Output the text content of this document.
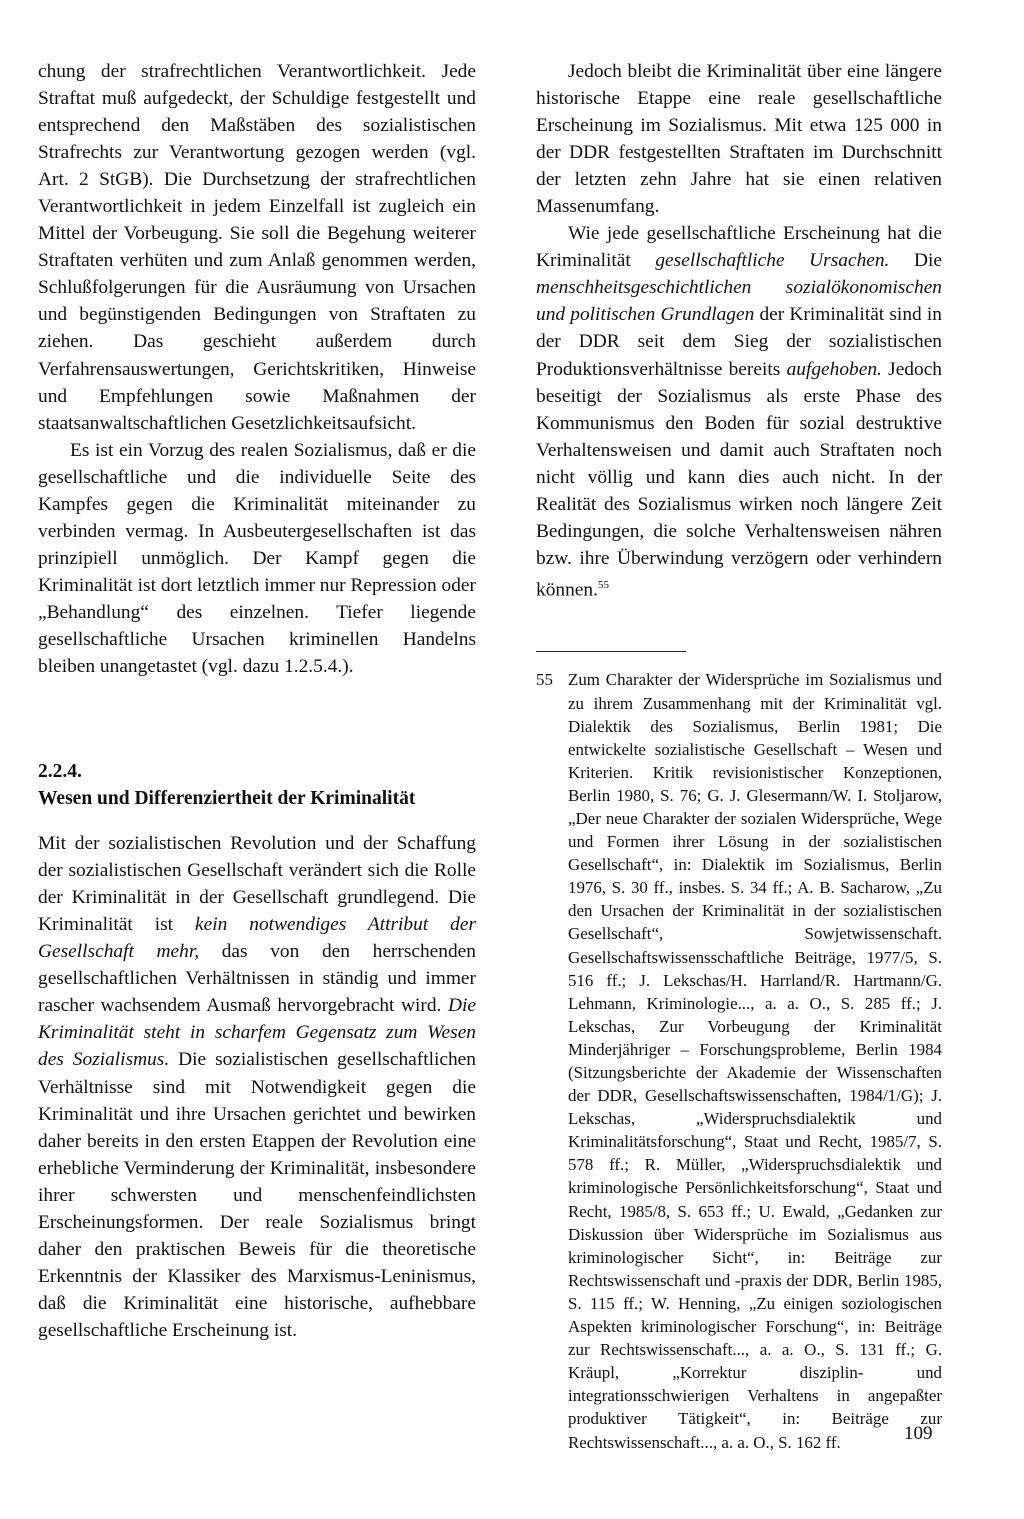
chung der strafrechtlichen Verantwortlichkeit. Jede Straftat muß aufgedeckt, der Schuldige festgestellt und entsprechend den Maßstäben des sozialistischen Strafrechts zur Verantwortung gezogen werden (vgl. Art. 2 StGB). Die Durchsetzung der strafrechtlichen Verantwortlichkeit in jedem Einzelfall ist zugleich ein Mittel der Vorbeugung. Sie soll die Begehung weiterer Straftaten verhüten und zum Anlaß genommen werden, Schlußfolgerungen für die Ausräumung von Ursachen und begünstigenden Bedingungen von Straftaten zu ziehen. Das geschieht außerdem durch Verfahrensauswertungen, Gerichtskritiken, Hinweise und Empfehlungen sowie Maßnahmen der staatsanwaltschaftlichen Gesetzlichkeitsaufsicht.

Es ist ein Vorzug des realen Sozialismus, daß er die gesellschaftliche und die individuelle Seite des Kampfes gegen die Kriminalität miteinander zu verbinden vermag. In Ausbeutergesellschaften ist das prinzipiell unmöglich. Der Kampf gegen die Kriminalität ist dort letztlich immer nur Repression oder „Behandlung“ des einzelnen. Tiefer liegende gesellschaftliche Ursachen kriminellen Handelns bleiben unangetastet (vgl. dazu 1.2.5.4.).

2.2.4.

Wesen und Differenziertheit der Kriminalität

Mit der sozialistischen Revolution und der Schaffung der sozialistischen Gesellschaft verändert sich die Rolle der Kriminalität in der Gesellschaft grundlegend. Die Kriminalität ist kein notwendiges Attribut der Gesellschaft mehr, das von den herrschenden gesellschaftlichen Verhältnissen in ständig und immer rascher wachsendem Ausmaß hervorgebracht wird. Die Kriminalität steht in scharfem Gegensatz zum Wesen des Sozialismus. Die sozialistischen gesellschaftlichen Verhältnisse sind mit Notwendigkeit gegen die Kriminalität und ihre Ursachen gerichtet und bewirken daher bereits in den ersten Etappen der Revolution eine erhebliche Verminderung der Kriminalität, insbesondere ihrer schwersten und menschenfeindlichsten Erscheinungsformen. Der reale Sozialismus bringt daher den praktischen Beweis für die theoretische Erkenntnis der Klassiker des Marxismus-Leninismus, daß die Kriminalität eine historische, aufhebbare gesellschaftliche Erscheinung ist.

Jedoch bleibt die Kriminalität über eine längere historische Etappe eine reale gesellschaftliche Erscheinung im Sozialismus. Mit etwa 125 000 in der DDR festgestellten Straftaten im Durchschnitt der letzten zehn Jahre hat sie einen relativen Massenumfang.

Wie jede gesellschaftliche Erscheinung hat die Kriminalität gesellschaftliche Ursachen. Die menschheitsgeschichtlichen sozialökonomischen und politischen Grundlagen der Kriminalität sind in der DDR seit dem Sieg der sozialistischen Produktionsverhältnisse bereits aufgehoben. Jedoch beseitigt der Sozialismus als erste Phase des Kommunismus den Boden für sozial destruktive Verhaltensweisen und damit auch Straftaten noch nicht völlig und kann dies auch nicht. In der Realität des Sozialismus wirken noch längere Zeit Bedingungen, die solche Verhaltensweisen nähren bzw. ihre Überwindung verzögern oder verhindern können.$^{55}$

55 Zum Charakter der Widersprüche im Sozialismus und zu ihrem Zusammenhang mit der Kriminalität vgl. Dialektik des Sozialismus, Berlin 1981; Die entwickelte sozialistische Gesellschaft – Wesen und Kriterien. Kritik revisionistischer Konzeptionen, Berlin 1980, S. 76; G. J. Glesermann/W. I. Stoljarow, „Der neue Charakter der sozialen Widersprüche, Wege und Formen ihrer Lösung in der sozialistischen Gesellschaft“, in: Dialektik im Sozialismus, Berlin 1976, S. 30 ff., insbes. S. 34 ff.; A. B. Sacharow, „Zu den Ursachen der Kriminalität in der sozialistischen Gesellschaft“, Sowjetwissenschaft. Gesellschaftswissensschaftliche Beiträge, 1977/5, S. 516 ff.; J. Lekschas/H. Harrland/R. Hartmann/G. Lehmann, Kriminologie..., a. a. O., S. 285 ff.; J. Lekschas, Zur Vorbeugung der Kriminalität Minderjähriger – Forschungsprobleme, Berlin 1984 (Sitzungsberichte der Akademie der Wissenschaften der DDR, Gesellschaftswissenschaften, 1984/1/G); J. Lekschas, „Widerspruchsdialektik und Kriminalitätsforschung“, Staat und Recht, 1985/7, S. 578 ff.; R. Müller, „Widerspruchsdialektik und kriminologische Persönlichkeitsforschung“, Staat und Recht, 1985/8, S. 653 ff.; U. Ewald, „Gedanken zur Diskussion über Widersprüche im Sozialismus aus kriminologischer Sicht“, in: Beiträge zur Rechtswissenschaft und -praxis der DDR, Berlin 1985, S. 115 ff.; W. Henning, „Zu einigen soziologischen Aspekten kriminologischer Forschung“, in: Beiträge zur Rechtswissenschaft..., a. a. O., S. 131 ff.; G. Kräupl, „Korrektur disziplin- und integrationsschwierigen Verhaltens in angepaßter produktiver Tätigkeit“, in: Beiträge zur Rechtswissenschaft..., a. a. O., S. 162 ff.	109
